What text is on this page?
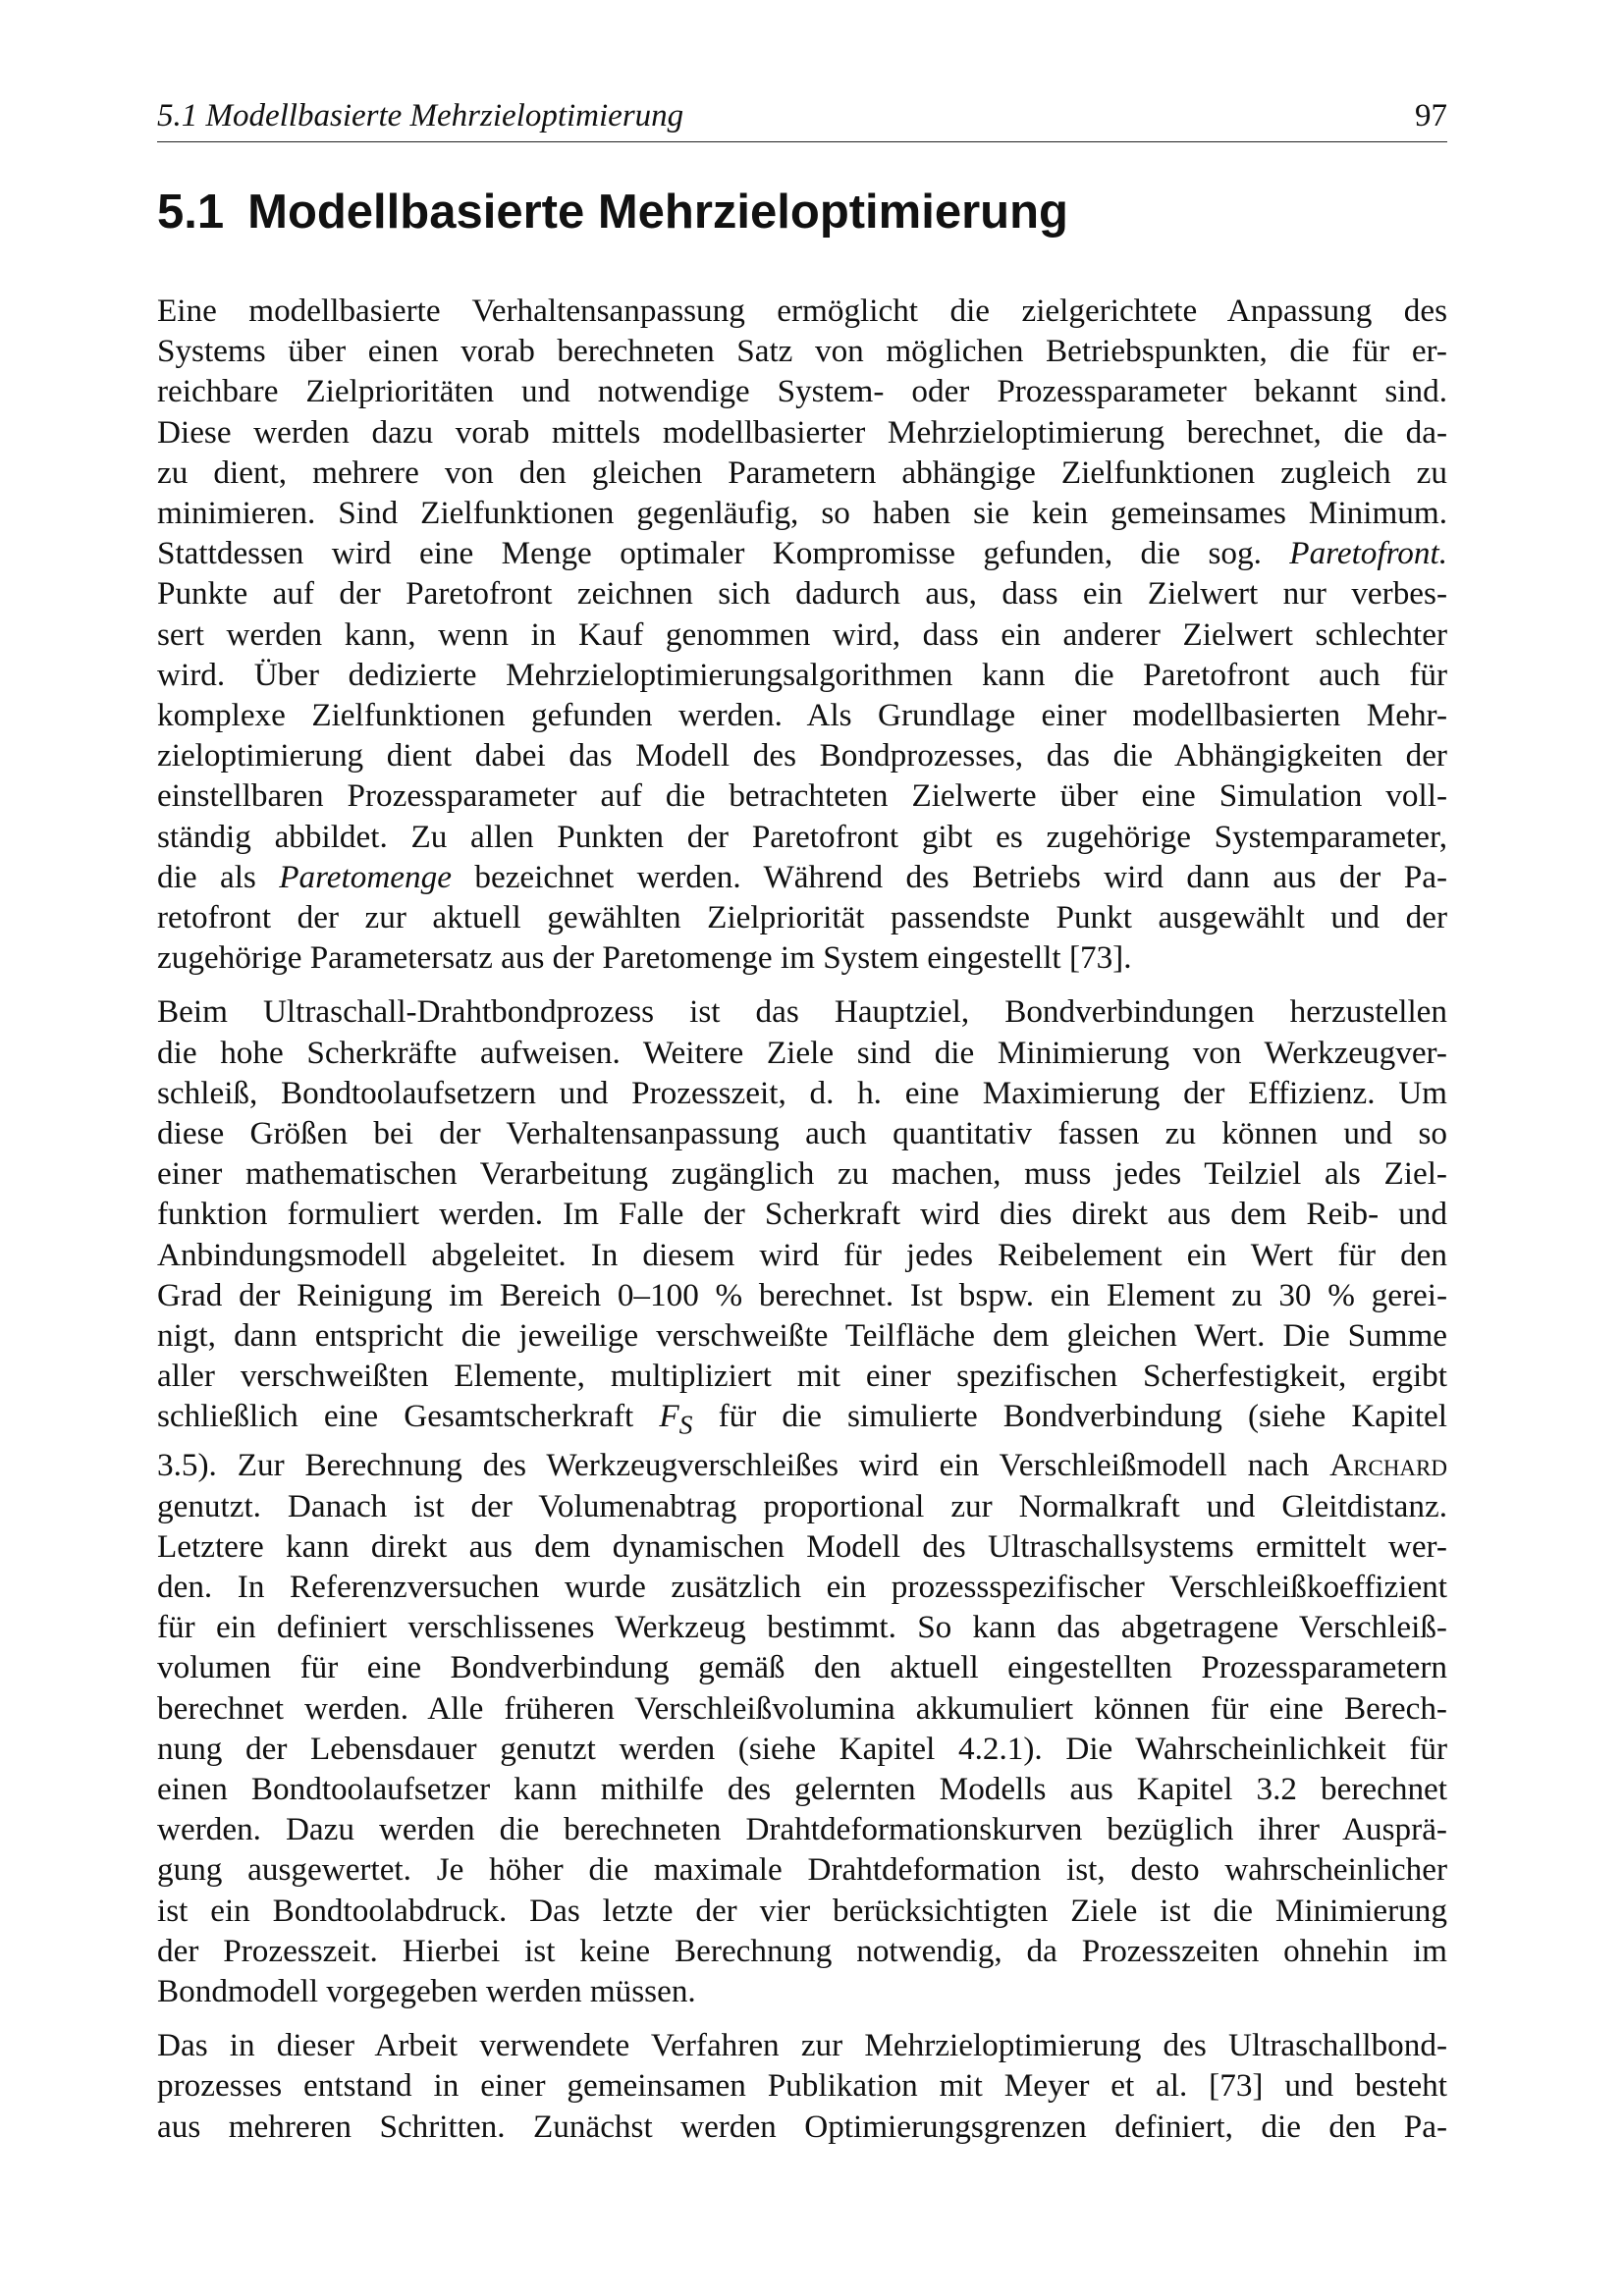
5.1 Modellbasierte Mehrzieloptimierung	97
5.1 Modellbasierte Mehrzieloptimierung

Eine modellbasierte Verhaltensanpassung ermöglicht die zielgerichtete Anpassung des
Systems über einen vorab berechneten Satz von möglichen Betriebspunkten, die für er-
reichbare Zielprioritäten und notwendige System- oder Prozessparameter bekannt sind.
Diese werden dazu vorab mittels modellbasierter Mehrzieloptimierung berechnet, die da-
zu dient, mehrere von den gleichen Parametern abhängige Zielfunktionen zugleich zu
minimieren. Sind Zielfunktionen gegenläufig, so haben sie kein gemeinsames Minimum.
Stattdessen wird eine Menge optimaler Kompromisse gefunden, die sog. Paretofront.
Punkte auf der Paretofront zeichnen sich dadurch aus, dass ein Zielwert nur verbes-
sert werden kann, wenn in Kauf genommen wird, dass ein anderer Zielwert schlechter
wird. Über dedizierte Mehrzieloptimierungsalgorithmen kann die Paretofront auch für
komplexe Zielfunktionen gefunden werden. Als Grundlage einer modellbasierten Mehr-
zieloptimierung dient dabei das Modell des Bondprozesses, das die Abhängigkeiten der
einstellbaren Prozessparameter auf die betrachteten Zielwerte über eine Simulation voll-
ständig abbildet. Zu allen Punkten der Paretofront gibt es zugehörige Systemparameter,
die als Paretomenge bezeichnet werden. Während des Betriebs wird dann aus der Pa-
retofront der zur aktuell gewählten Zielpriorität passendste Punkt ausgewählt und der
zugehörige Parametersatz aus der Paretomenge im System eingestellt [73].

Beim Ultraschall-Drahtbondprozess ist das Hauptziel, Bondverbindungen herzustellen
die hohe Scherkräfte aufweisen. Weitere Ziele sind die Minimierung von Werkzeugver-
schleiß, Bondtoolaufsetzern und Prozesszeit, d. h. eine Maximierung der Effizienz. Um
diese Größen bei der Verhaltensanpassung auch quantitativ fassen zu können und so
einer mathematischen Verarbeitung zugänglich zu machen, muss jedes Teilziel als Ziel-
funktion formuliert werden. Im Falle der Scherkraft wird dies direkt aus dem Reib- und
Anbindungsmodell abgeleitet. In diesem wird für jedes Reibelement ein Wert für den
Grad der Reinigung im Bereich 0–100 % berechnet. Ist bspw. ein Element zu 30 % gerei-
nigt, dann entspricht die jeweilige verschweißte Teilfläche dem gleichen Wert. Die Summe
aller verschweißten Elemente, multipliziert mit einer spezifischen Scherfestigkeit, ergibt
schließlich eine Gesamtscherkraft $F_S$ für die simulierte Bondverbindung (siehe Kapitel
3.5). Zur Berechnung des Werkzeugverschleißes wird ein Verschleißmodell nach Archard
genutzt. Danach ist der Volumenabtrag proportional zur Normalkraft und Gleitdistanz.
Letztere kann direkt aus dem dynamischen Modell des Ultraschallsystems ermittelt wer-
den. In Referenzversuchen wurde zusätzlich ein prozessspezifischer Verschleißkoeffizient
für ein definiert verschlissenes Werkzeug bestimmt. So kann das abgetragene Verschleiß-
volumen für eine Bondverbindung gemäß den aktuell eingestellten Prozessparametern
berechnet werden. Alle früheren Verschleißvolumina akkumuliert können für eine Berech-
nung der Lebensdauer genutzt werden (siehe Kapitel 4.2.1). Die Wahrscheinlichkeit für
einen Bondtoolaufsetzer kann mithilfe des gelernten Modells aus Kapitel 3.2 berechnet
werden. Dazu werden die berechneten Drahtdeformationskurven bezüglich ihrer Ausprä-
gung ausgewertet. Je höher die maximale Drahtdeformation ist, desto wahrscheinlicher
ist ein Bondtoolabdruck. Das letzte der vier berücksichtigten Ziele ist die Minimierung
der Prozesszeit. Hierbei ist keine Berechnung notwendig, da Prozesszeiten ohnehin im
Bondmodell vorgegeben werden müssen.

Das in dieser Arbeit verwendete Verfahren zur Mehrzieloptimierung des Ultraschallbond-
prozesses entstand in einer gemeinsamen Publikation mit Meyer et al. [73] und besteht
aus mehreren Schritten. Zunächst werden Optimierungsgrenzen definiert, die den Pa-
